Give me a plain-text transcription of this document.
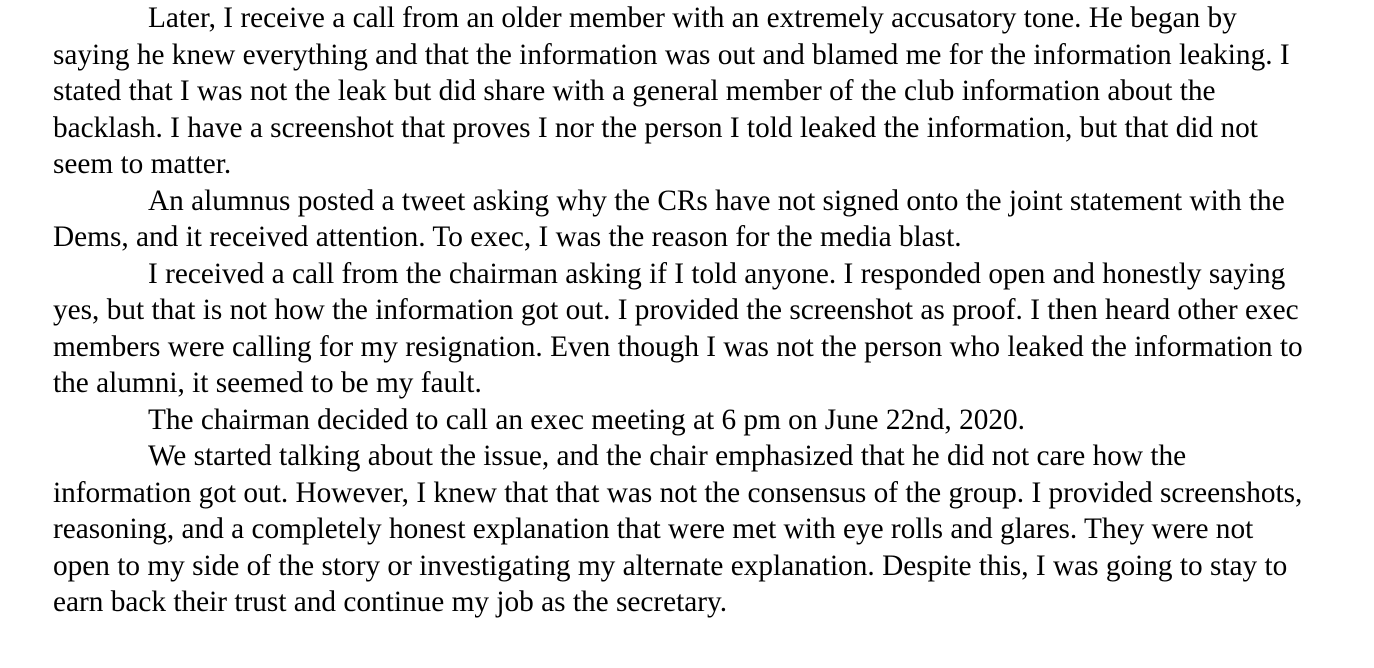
Later, I receive a call from an older member with an extremely accusatory tone. He began by saying he knew everything and that the information was out and blamed me for the information leaking. I stated that I was not the leak but did share with a general member of the club information about the backlash. I have a screenshot that proves I nor the person I told leaked the information, but that did not seem to matter.

An alumnus posted a tweet asking why the CRs have not signed onto the joint statement with the Dems, and it received attention. To exec, I was the reason for the media blast.

I received a call from the chairman asking if I told anyone. I responded open and honestly saying yes, but that is not how the information got out. I provided the screenshot as proof. I then heard other exec members were calling for my resignation. Even though I was not the person who leaked the information to the alumni, it seemed to be my fault.

The chairman decided to call an exec meeting at 6 pm on June 22nd, 2020.

We started talking about the issue, and the chair emphasized that he did not care how the information got out. However, I knew that that was not the consensus of the group. I provided screenshots, reasoning, and a completely honest explanation that were met with eye rolls and glares. They were not open to my side of the story or investigating my alternate explanation. Despite this, I was going to stay to earn back their trust and continue my job as the secretary.
